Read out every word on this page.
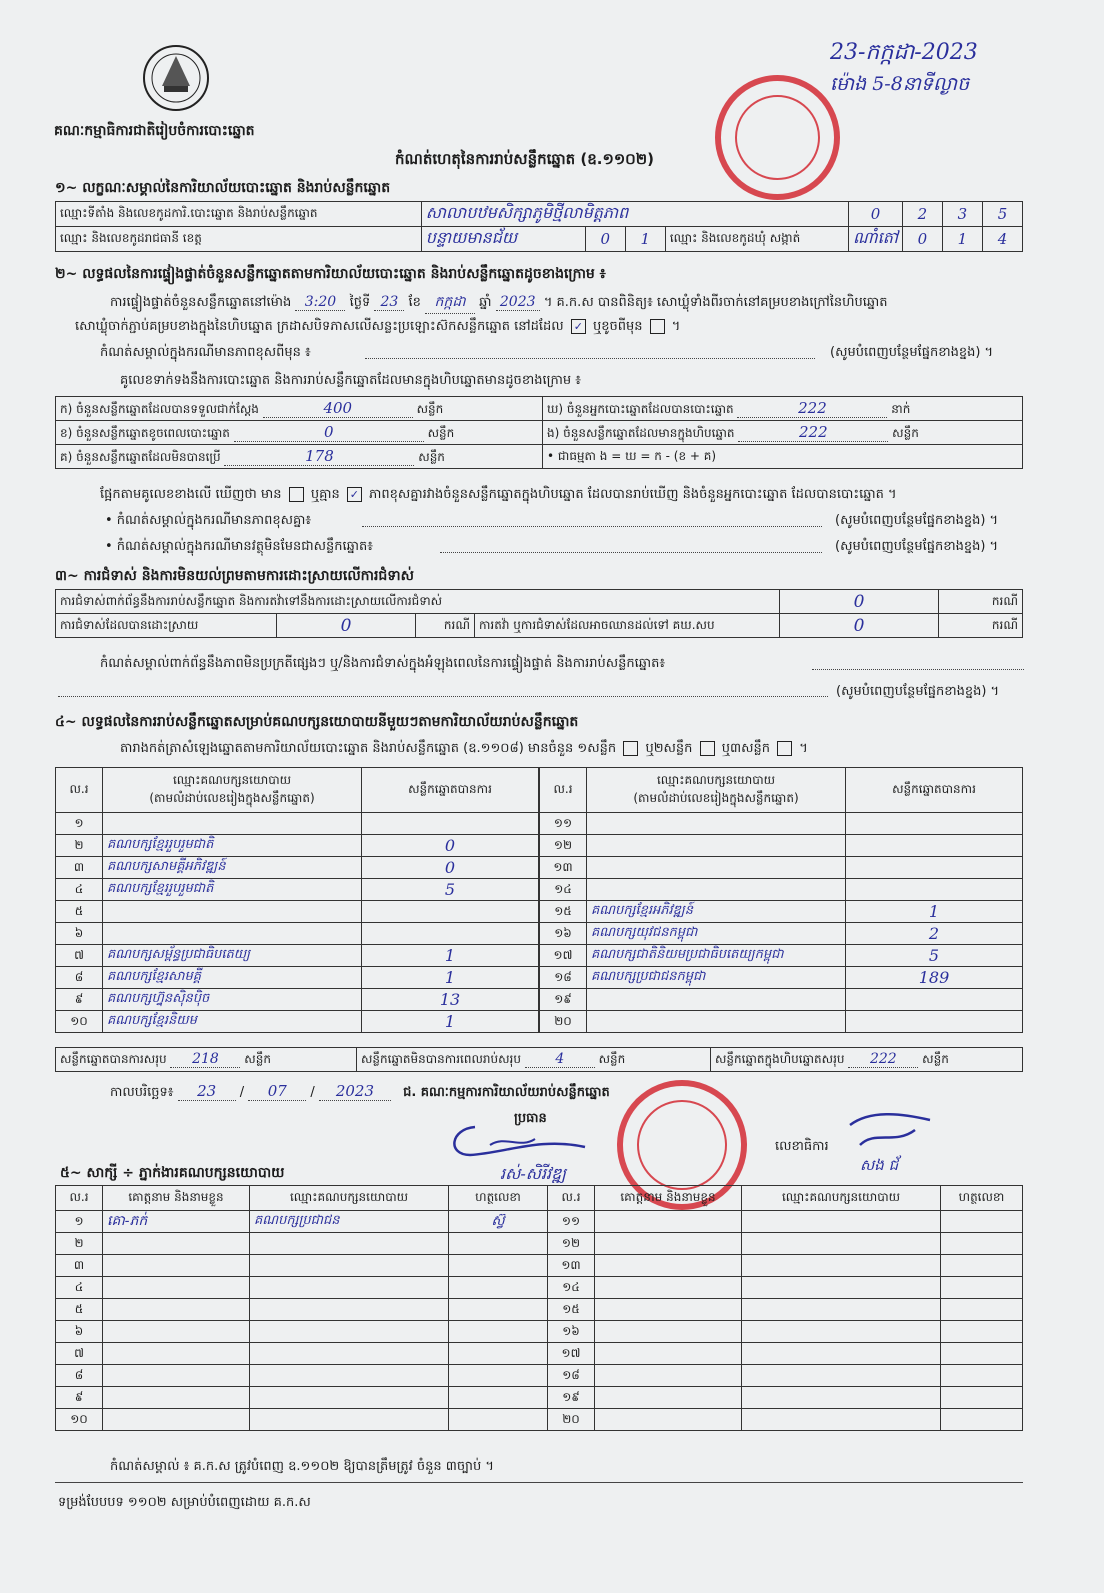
គណៈកម្មាធិការជាតិរៀបចំការបោះឆ្នោត
កំណត់ហេតុនៃការរាប់សន្លឹកឆ្នោត (ឧ.១១០២)
23-កក្កដា-2023
ម៉ោង 5-8នាទីល្ងាច
១~ លក្ខណៈសម្គាល់នៃការិយាល័យបោះឆ្នោត និងរាប់សន្លឹកឆ្នោត
ឈ្មោះទីតាំង និងលេខកូដការិ.បោះឆ្នោត និងរាប់សន្លឹកឆ្នោត	សាលាបឋមសិក្សាភូមិថ្មីលាមិត្តភាព				0	2	3	5
ឈ្មោះ និងលេខកូដរាជធានី ខេត្ត	បន្ទាយមានជ័យ	0	1	ឈ្មោះ និងលេខកូដឃុំ សង្កាត់	ណាំតៅ	0	1	4
២~ លទ្ធផលនៃការផ្ទៀងផ្ទាត់ចំនួនសន្លឹកឆ្នោតតាមការិយាល័យបោះឆ្នោត និងរាប់សន្លឹកឆ្នោតដូចខាងក្រោម ៖
ការផ្ទៀងផ្ទាត់ចំនួនសន្លឹកឆ្នោតនៅម៉ោង 3:20 ថ្ងៃទី 23 ខែ កក្កដា ឆ្នាំ 2023 ។ គ.ក.ស បានពិនិត្យ៖ សោឃ្លុំទាំងពីរចាក់នៅគម្របខាងក្រៅនៃហិបឆ្នោត
សោឃ្លុំចាក់ភ្ជាប់គម្របខាងក្នុងនៃហិបឆ្នោត ក្រដាសបិទភាសលើសន្លះប្រឡោះស៊កសន្លឹកឆ្នោត នៅដដែល ✓ ឬខូចពីមុន ។
កំណត់សម្គាល់ក្នុងករណីមានភាពខុសពីមុន ៖	(សូមបំពេញបន្ថែមផ្នែកខាងខ្នង) ។
គូលេខទាក់ទងនឹងការបោះឆ្នោត និងការរាប់សន្លឹកឆ្នោតដែលមានក្នុងហិបឆ្នោតមានដូចខាងក្រោម ៖
ក) ចំនួនសន្លឹកឆ្នោតដែលបានទទួលជាក់ស្តែង 400 សន្លឹក	ឃ) ចំនួនអ្នកបោះឆ្នោតដែលបានបោះឆ្នោត 222 នាក់
ខ) ចំនួនសន្លឹកឆ្នោតខូចពេលបោះឆ្នោត 0 សន្លឹក	ង) ចំនួនសន្លឹកឆ្នោតដែលមានក្នុងហិបឆ្នោត 222 សន្លឹក
គ) ចំនួនសន្លឹកឆ្នោតដែលមិនបានប្រើ 178 សន្លឹក	• ជាធម្មតា ង = ឃ = ក - (ខ + គ)
ផ្អែកតាមគូលេខខាងលើ ឃើញថា មាន ឬគ្មាន ✓ ភាពខុសគ្នារវាងចំនួនសន្លឹកឆ្នោតក្នុងហិបឆ្នោត ដែលបានរាប់ឃើញ និងចំនួនអ្នកបោះឆ្នោត ដែលបានបោះឆ្នោត ។
• កំណត់សម្គាល់ក្នុងករណីមានភាពខុសគ្នា៖	(សូមបំពេញបន្ថែមផ្នែកខាងខ្នង) ។
• កំណត់សម្គាល់ក្នុងករណីមានវត្ថុមិនមែនជាសន្លឹកឆ្នោត៖	(សូមបំពេញបន្ថែមផ្នែកខាងខ្នង) ។
៣~ ការជំទាស់ និងការមិនយល់ព្រមតាមការដោះស្រាយលើការជំទាស់
ការជំទាស់ពាក់ព័ន្ធនឹងការរាប់សន្លឹកឆ្នោត និងការតវ៉ាទៅនឹងការដោះស្រាយលើការជំទាស់				0	ករណី
ការជំទាស់ដែលបានដោះស្រាយ	0	ករណី	ការតវ៉ា ឬការជំទាស់ដែលអាចឈានដល់ទៅ គឃ.សប	0	ករណី
កំណត់សម្គាល់ពាក់ព័ន្ធនឹងភាពមិនប្រក្រតីផ្សេងៗ ឬ/និងការជំទាស់ក្នុងអំឡុងពេលនៃការផ្ទៀងផ្ទាត់ និងការរាប់សន្លឹកឆ្នោត៖
(សូមបំពេញបន្ថែមផ្នែកខាងខ្នង) ។
៤~ លទ្ធផលនៃការរាប់សន្លឹកឆ្នោតសម្រាប់គណបក្សនយោបាយនីមួយៗតាមការិយាល័យរាប់សន្លឹកឆ្នោត
តារាងកត់ត្រាសំឡេងឆ្នោតតាមការិយាល័យបោះឆ្នោត និងរាប់សន្លឹកឆ្នោត (ឧ.១១០៨) មានចំនួន ១សន្លឹក ឬ២សន្លឹក ឬ៣សន្លឹក ។
ល.រ	ឈ្មោះគណបក្សនយោបាយ
(តាមលំដាប់លេខរៀងក្នុងសន្លឹកឆ្នោត)	សន្លឹកឆ្នោតបានការ
១		
២	គណបក្សខ្មែររួបរួមជាតិ	0
៣	គណបក្សសាមគ្គីអភិវឌ្ឍន៍	0
៤	គណបក្សខ្មែររួបរួមជាតិ	5
៥		
៦		
៧	គណបក្សសម្ព័ន្ធប្រជាធិបតេយ្យ	1
៨	គណបក្សខ្មែរសាមគ្គី	1
៩	គណបក្សហ្វ៊ុនស៊ិនប៉ិច	13
១០	គណបក្សខ្មែរនិយម	1
ល.រ	ឈ្មោះគណបក្សនយោបាយ
(តាមលំដាប់លេខរៀងក្នុងសន្លឹកឆ្នោត)	សន្លឹកឆ្នោតបានការ
១១		
១២		
១៣		
១៤		
១៥	គណបក្សខ្មែរអភិវឌ្ឍន៍	1
១៦	គណបក្សយុវជនកម្ពុជា	2
១៧	គណបក្សជាតិនិយមប្រជាធិបតេយ្យកម្ពុជា	5
១៨	គណបក្សប្រជាជនកម្ពុជា	189
១៩		
២០		
សន្លឹកឆ្នោតបានការសរុប 218 សន្លឹក	សន្លឹកឆ្នោតមិនបានការពេលរាប់សរុប 4	សន្លឹក	សន្លឹកឆ្នោតក្នុងហិបឆ្នោតសរុប 222 សន្លឹក
កាលបរិច្ឆេទ៖ 23 / 07 / 2023 ជ. គណៈកម្មការការិយាល័យរាប់សន្លឹកឆ្នោត
ប្រធាន
រស់-សិរីវឌ្ឍ
លេខាធិការ
សង ជ័
៥~ សាក្សី ÷ ភ្នាក់ងារគណបក្សនយោបាយ
ល.រ	គោត្តនាម និងនាមខ្លួន	ឈ្មោះគណបក្សនយោបាយ	ហត្ថលេខា	ល.រ	គោត្តនាម និងនាមខ្លួន	ឈ្មោះគណបក្សនយោបាយ	ហត្ថលេខា
១	គោ-ភក់	គណបក្សប្រជាជន	ស៊្វ	១១			
២				១២			
៣				១៣			
៤				១៤			
៥				១៥			
៦				១៦			
៧				១៧			
៨				១៨			
៩				១៩			
១០				២០			
កំណត់សម្គាល់ ៖ គ.ក.ស ត្រូវបំពេញ ឧ.១១០២ ឱ្យបានត្រឹមត្រូវ ចំនួន ៣ច្បាប់ ។
ទម្រង់បែបបទ ១១០២ សម្រាប់បំពេញដោយ គ.ក.ស
